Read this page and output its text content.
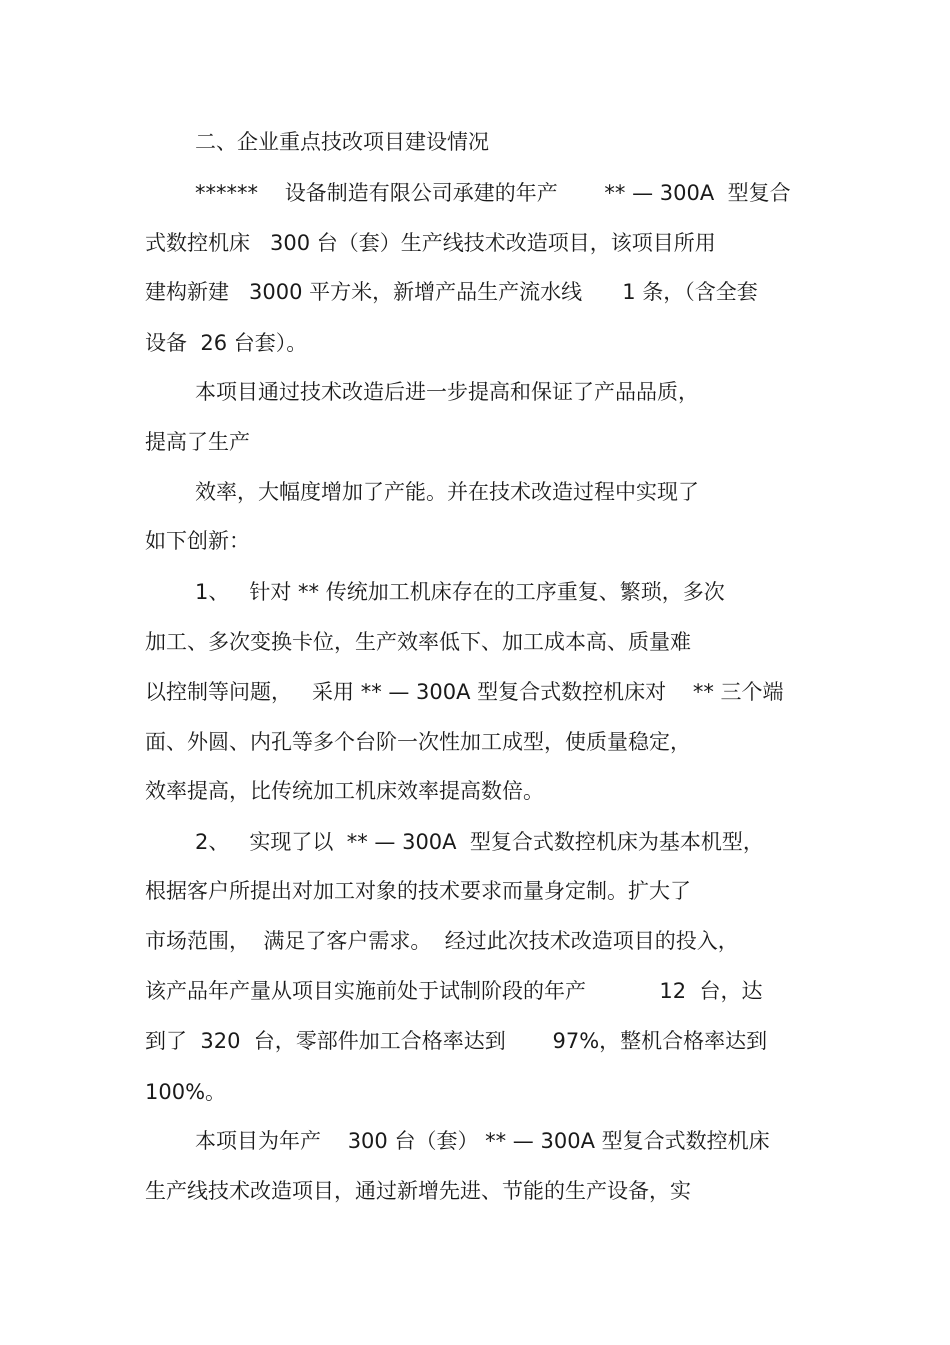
二、企业重点技改项目建设情况
******    设备制造有限公司承建的年产       ** — 300A  型复合
式数控机床   300 台（套）生产线技术改造项目，该项目所用
建构新建   3000 平方米，新增产品生产流水线      1 条，（含全套
设备  26 台套）。
本项目通过技术改造后进一步提高和保证了产品品质，
提高了生产
效率，大幅度增加了产能。并在技术改造过程中实现了
如下创新：
1、   针对 ** 传统加工机床存在的工序重复、繁琐，多次
加工、多次变换卡位，生产效率低下、加工成本高、质量难
以控制等问题，   采用 ** — 300A 型复合式数控机床对    ** 三个端
面、外圆、内孔等多个台阶一次性加工成型，使质量稳定，
效率提高，比传统加工机床效率提高数倍。
2、   实现了以  ** — 300A  型复合式数控机床为基本机型，
根据客户所提出对加工对象的技术要求而量身定制。扩大了
市场范围，  满足了客户需求。  经过此次技术改造项目的投入，
该产品年产量从项目实施前处于试制阶段的年产           12  台，达
到了  320  台，零部件加工合格率达到       97%，整机合格率达到
100%。
本项目为年产    300 台（套） ** — 300A 型复合式数控机床
生产线技术改造项目，通过新增先进、节能的生产设备，实
